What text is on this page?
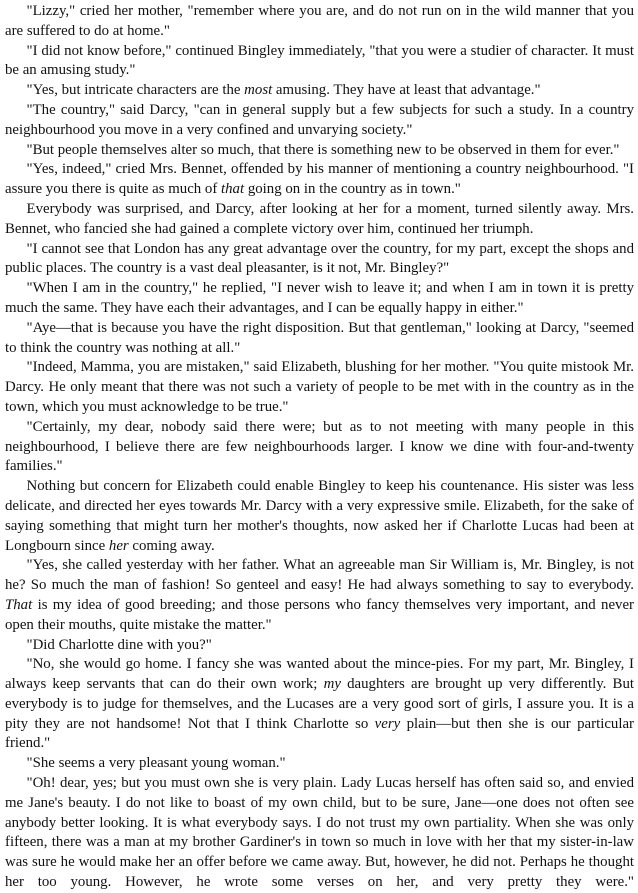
"Lizzy," cried her mother, "remember where you are, and do not run on in the wild manner that you are suffered to do at home."

"I did not know before," continued Bingley immediately, "that you were a studier of character. It must be an amusing study."

"Yes, but intricate characters are the most amusing. They have at least that advantage."

"The country," said Darcy, "can in general supply but a few subjects for such a study. In a country neighbourhood you move in a very confined and unvarying society."

"But people themselves alter so much, that there is something new to be observed in them for ever."

"Yes, indeed," cried Mrs. Bennet, offended by his manner of mentioning a country neighbourhood. "I assure you there is quite as much of that going on in the country as in town."

Everybody was surprised, and Darcy, after looking at her for a moment, turned silently away. Mrs. Bennet, who fancied she had gained a complete victory over him, continued her triumph.

"I cannot see that London has any great advantage over the country, for my part, except the shops and public places. The country is a vast deal pleasanter, is it not, Mr. Bingley?"

"When I am in the country," he replied, "I never wish to leave it; and when I am in town it is pretty much the same. They have each their advantages, and I can be equally happy in either."

"Aye—that is because you have the right disposition. But that gentleman," looking at Darcy, "seemed to think the country was nothing at all."

"Indeed, Mamma, you are mistaken," said Elizabeth, blushing for her mother. "You quite mistook Mr. Darcy. He only meant that there was not such a variety of people to be met with in the country as in the town, which you must acknowledge to be true."

"Certainly, my dear, nobody said there were; but as to not meeting with many people in this neighbourhood, I believe there are few neighbourhoods larger. I know we dine with four-and-twenty families."

Nothing but concern for Elizabeth could enable Bingley to keep his countenance. His sister was less delicate, and directed her eyes towards Mr. Darcy with a very expressive smile. Elizabeth, for the sake of saying something that might turn her mother's thoughts, now asked her if Charlotte Lucas had been at Longbourn since her coming away.

"Yes, she called yesterday with her father. What an agreeable man Sir William is, Mr. Bingley, is not he? So much the man of fashion! So genteel and easy! He had always something to say to everybody. That is my idea of good breeding; and those persons who fancy themselves very important, and never open their mouths, quite mistake the matter."

"Did Charlotte dine with you?"

"No, she would go home. I fancy she was wanted about the mince-pies. For my part, Mr. Bingley, I always keep servants that can do their own work; my daughters are brought up very differently. But everybody is to judge for themselves, and the Lucases are a very good sort of girls, I assure you. It is a pity they are not handsome! Not that I think Charlotte so very plain—but then she is our particular friend."

"She seems a very pleasant young woman."

"Oh! dear, yes; but you must own she is very plain. Lady Lucas herself has often said so, and envied me Jane's beauty. I do not like to boast of my own child, but to be sure, Jane—one does not often see anybody better looking. It is what everybody says. I do not trust my own partiality. When she was only fifteen, there was a man at my brother Gardiner's in town so much in love with her that my sister-in-law was sure he would make her an offer before we came away. But, however, he did not. Perhaps he thought her too young. However, he wrote some verses on her, and very pretty they were."
